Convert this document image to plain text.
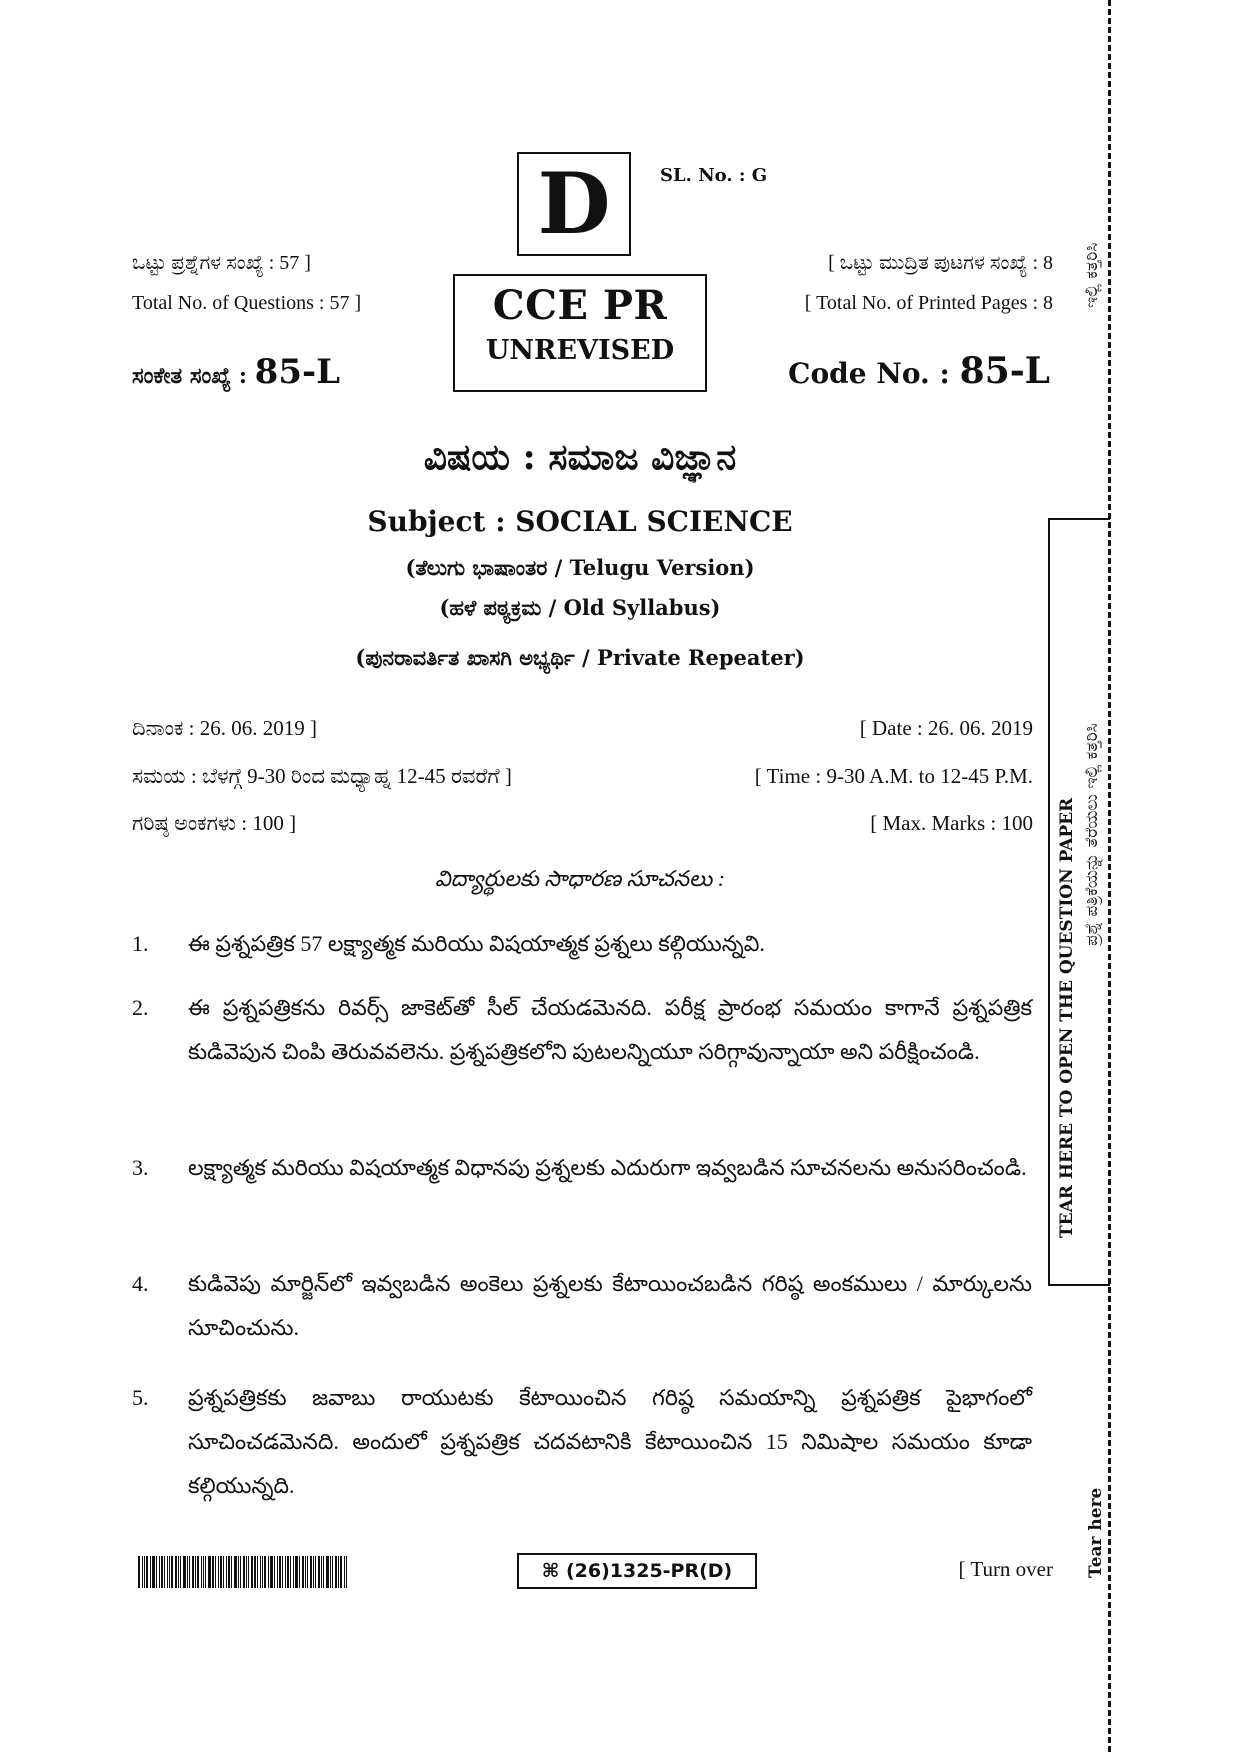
D	SL. No. : G
CCE PR
UNREVISED
ಒಟ್ಟು ಪ್ರಶ್ನೆಗಳ ಸಂಖ್ಯೆ : 57 ]
Total No. of Questions : 57 ]
[ ಒಟ್ಟು ಮುದ್ರಿತ ಪುಟಗಳ ಸಂಖ್ಯೆ : 8
[ Total No. of Printed Pages : 8
ಸಂಕೇತ ಸಂಖ್ಯೆ : 85-L	Code No. : 85-L
ವಿಷಯ : ಸಮಾಜ ವಿಜ್ಞಾನ
Subject : SOCIAL SCIENCE
(ತೆಲುಗು ಭಾಷಾಂತರ / Telugu Version)
(ಹಳೆ ಪಠ್ಯಕ್ರಮ / Old Syllabus)
(ಪುನರಾವರ್ತಿತ ಖಾಸಗಿ ಅಭ್ಯರ್ಥಿ / Private Repeater)
ದಿನಾಂಕ : 26. 06. 2019 ]	[ Date : 26. 06. 2019
ಸಮಯ : ಬೆಳಗ್ಗೆ 9-30 ರಿಂದ ಮಧ್ಯಾಹ್ನ 12-45 ರವರೆಗೆ ]	[ Time : 9-30 A.M. to 12-45 P.M.
ಗರಿಷ್ಠ ಅಂಕಗಳು : 100 ]	[ Max. Marks : 100
విద్యార్థులకు సాధారణ సూచనలు :
1.	ఈ ప్రశ్నపత్రిక 57 లక్ష్యాత్మక మరియు విషయాత్మక ప్రశ్నలు కల్గియున్నవి.
2.	ఈ ప్రశ్నపత్రికను రివర్స్ జాకెట్‌తో సీల్ చేయడమెనది. పరీక్ష ప్రారంభ సమయం కాగానే ప్రశ్నపత్రిక కుడివెపున చింపి తెరువవలెను. ప్రశ్నపత్రికలోని పుటలన్నియూ సరిగ్గావున్నాయా అని పరీక్షించండి.
3.	లక్ష్యాత్మక మరియు విషయాత్మక విధానపు ప్రశ్నలకు ఎదురుగా ఇవ్వబడిన సూచనలను అనుసరించండి.
4.	కుడివెపు మార్జిన్‌లో ఇవ్వబడిన అంకెలు ప్రశ్నలకు కేటాయించబడిన గరిష్ఠ అంకములు / మార్కులను సూచించును.
5.	ప్రశ్నపత్రికకు జవాబు రాయుటకు కేటాయించిన గరిష్ఠ సమయాన్ని ప్రశ్నపత్రిక పైభాగంలో సూచించడమెనది. అందులో ప్రశ్నపత్రిక చదవటానికి కేటాయించిన 15 నిమిషాల సమయం కూడా కల్గియున్నది.
⌘ (26)1325-PR(D)	[ Turn over
ಇಲ್ಲಿ ಕತ್ತರಿಸಿ
TEAR HERE TO OPEN THE QUESTION PAPER ಪ್ರಶ್ನೆ ಪತ್ರಿಕೆಯನ್ನು ತೆರೆಯಲು ಇಲ್ಲಿ ಕತ್ತರಿಸಿ
Tear here
